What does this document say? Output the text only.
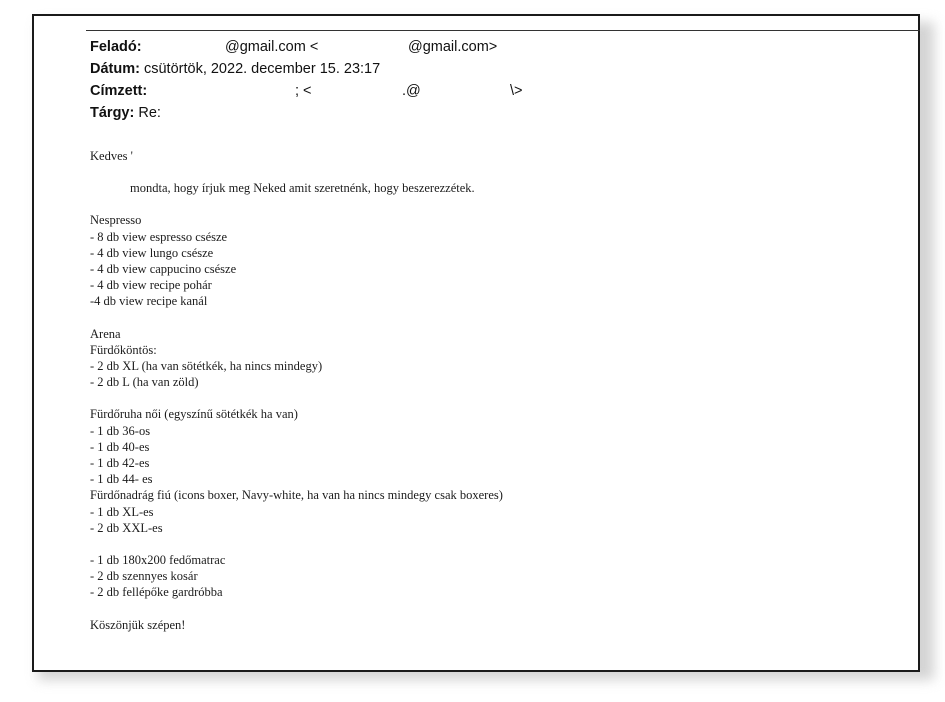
Feladó:	@gmail.com <	@gmail.com>
Dátum: csütörtök, 2022. december 15. 23:17
Címzett:	; <	.@	\>
Tárgy: Re:
Kedves '
mondta, hogy írjuk meg Neked amit szeretnénk, hogy beszerezzétek.
Nespresso
- 8 db view espresso csésze
- 4 db view lungo csésze
- 4 db view cappucino csésze
- 4 db view recipe pohár
-4 db view recipe kanál
Arena
Fürdőköntös:
- 2 db XL (ha van sötétkék, ha nincs mindegy)
- 2 db L (ha van zöld)
Fürdőruha női (egyszínű sötétkék ha van)
- 1 db 36-os
- 1 db 40-es
- 1 db 42-es
- 1 db 44- es
Fürdőnadrág fiú (icons boxer, Navy-white, ha van ha nincs mindegy csak boxeres)
- 1 db XL-es
- 2 db XXL-es
- 1 db 180x200 fedőmatrac
- 2 db szennyes kosár
- 2 db fellépőke gardróbba
Köszönjük szépen!
